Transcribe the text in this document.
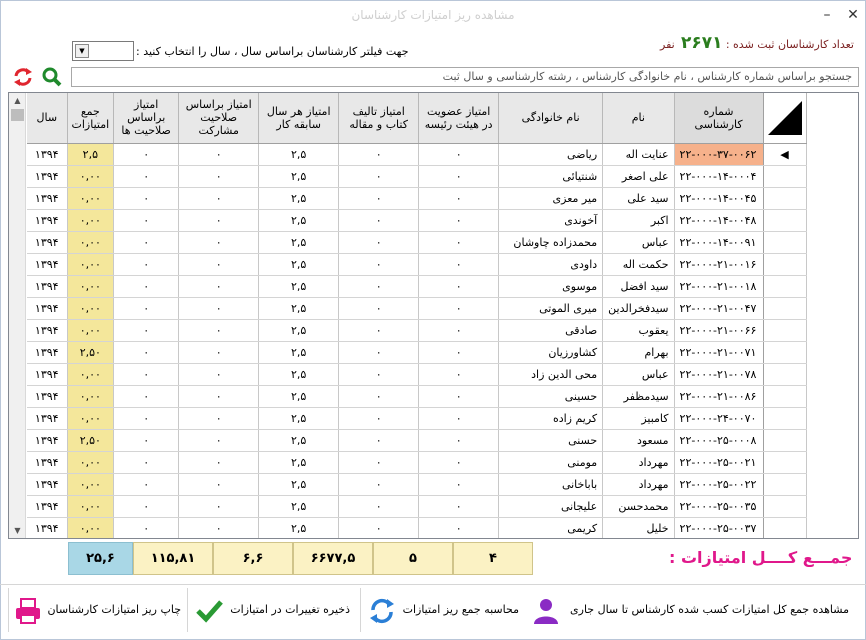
مشاهده ریز امتیازات کارشناسان	✕
–
تعداد کارشناسان ثبت شده :
۲۶۷۱
نفر
جهت فیلتر کارشناسان براساس سال ، سال را انتخاب کنید :
▼
جستجو براساس شماره کارشناس ، نام خانوادگی کارشناس ، رشته کارشناسی و سال ثبت
▲
▼
	شماره کارشناسی	نام	نام خانوادگی	امتیاز عضویت در هیئت رئیسه	امتیاز تالیف کتاب و مقاله	امتیاز هر سال سابقه کار	امتیاز براساس صلاحیت مشارکت	امتیاز براساس صلاحیت ها	جمع امتیازات	سال
◀	۲۲-۰۰۰-۳۷-۰۰۶۲	عنایت اله	ریاضی	۰	۰	۲,۵	۰	۰	۲,۵	۱۳۹۴
	۲۲-۰۰۰-۱۴-۰۰۰۴	علی اصغر	شنتیائی	۰	۰	۲,۵	۰	۰	۰,۰۰	۱۳۹۴
	۲۲-۰۰۰-۱۴-۰۰۴۵	سید علی	میر معزی	۰	۰	۲,۵	۰	۰	۰,۰۰	۱۳۹۴
	۲۲-۰۰۰-۱۴-۰۰۴۸	اکبر	آخوندی	۰	۰	۲,۵	۰	۰	۰,۰۰	۱۳۹۴
	۲۲-۰۰۰-۱۴-۰۰۹۱	عباس	محمدزاده چاوشان	۰	۰	۲,۵	۰	۰	۰,۰۰	۱۳۹۴
	۲۲-۰۰۰-۲۱-۰۰۱۶	حکمت اله	داودی	۰	۰	۲,۵	۰	۰	۰,۰۰	۱۳۹۴
	۲۲-۰۰۰-۲۱-۰۰۱۸	سید افضل	موسوی	۰	۰	۲,۵	۰	۰	۰,۰۰	۱۳۹۴
	۲۲-۰۰۰-۲۱-۰۰۴۷	سیدفخرالدین	میری الموتی	۰	۰	۲,۵	۰	۰	۰,۰۰	۱۳۹۴
	۲۲-۰۰۰-۲۱-۰۰۶۶	یعقوب	صادقی	۰	۰	۲,۵	۰	۰	۰,۰۰	۱۳۹۴
	۲۲-۰۰۰-۲۱-۰۰۷۱	بهرام	کشاورزیان	۰	۰	۲,۵	۰	۰	۲,۵۰	۱۳۹۴
	۲۲-۰۰۰-۲۱-۰۰۷۸	عباس	محی الدین زاد	۰	۰	۲,۵	۰	۰	۰,۰۰	۱۳۹۴
	۲۲-۰۰۰-۲۱-۰۰۸۶	سیدمظفر	حسینی	۰	۰	۲,۵	۰	۰	۰,۰۰	۱۳۹۴
	۲۲-۰۰۰-۲۴-۰۰۷۰	کامبیز	کریم زاده	۰	۰	۲,۵	۰	۰	۰,۰۰	۱۳۹۴
	۲۲-۰۰۰-۲۵-۰۰۰۸	مسعود	حسنی	۰	۰	۲,۵	۰	۰	۲,۵۰	۱۳۹۴
	۲۲-۰۰۰-۲۵-۰۰۲۱	مهرداد	مومنی	۰	۰	۲,۵	۰	۰	۰,۰۰	۱۳۹۴
	۲۲-۰۰۰-۲۵-۰۰۲۲	مهرداد	باباخانی	۰	۰	۲,۵	۰	۰	۰,۰۰	۱۳۹۴
	۲۲-۰۰۰-۲۵-۰۰۳۵	محمدحسن	علیجانی	۰	۰	۲,۵	۰	۰	۰,۰۰	۱۳۹۴
	۲۲-۰۰۰-۲۵-۰۰۳۷	خلیل	کریمی	۰	۰	۲,۵	۰	۰	۰,۰۰	۱۳۹۴
جمـــع کــــل امتیازات :
۴
۵
۶۶۷۷,۵
۶,۶
۱۱۵,۸۱
۲۵,۶
مشاهده جمع کل امتیازات کسب شده کارشناس تا سال جاری
محاسبه جمع ریز امتیازات
ذخیره تغییرات در امتیازات
چاپ ریز امتیازات کارشناسان
